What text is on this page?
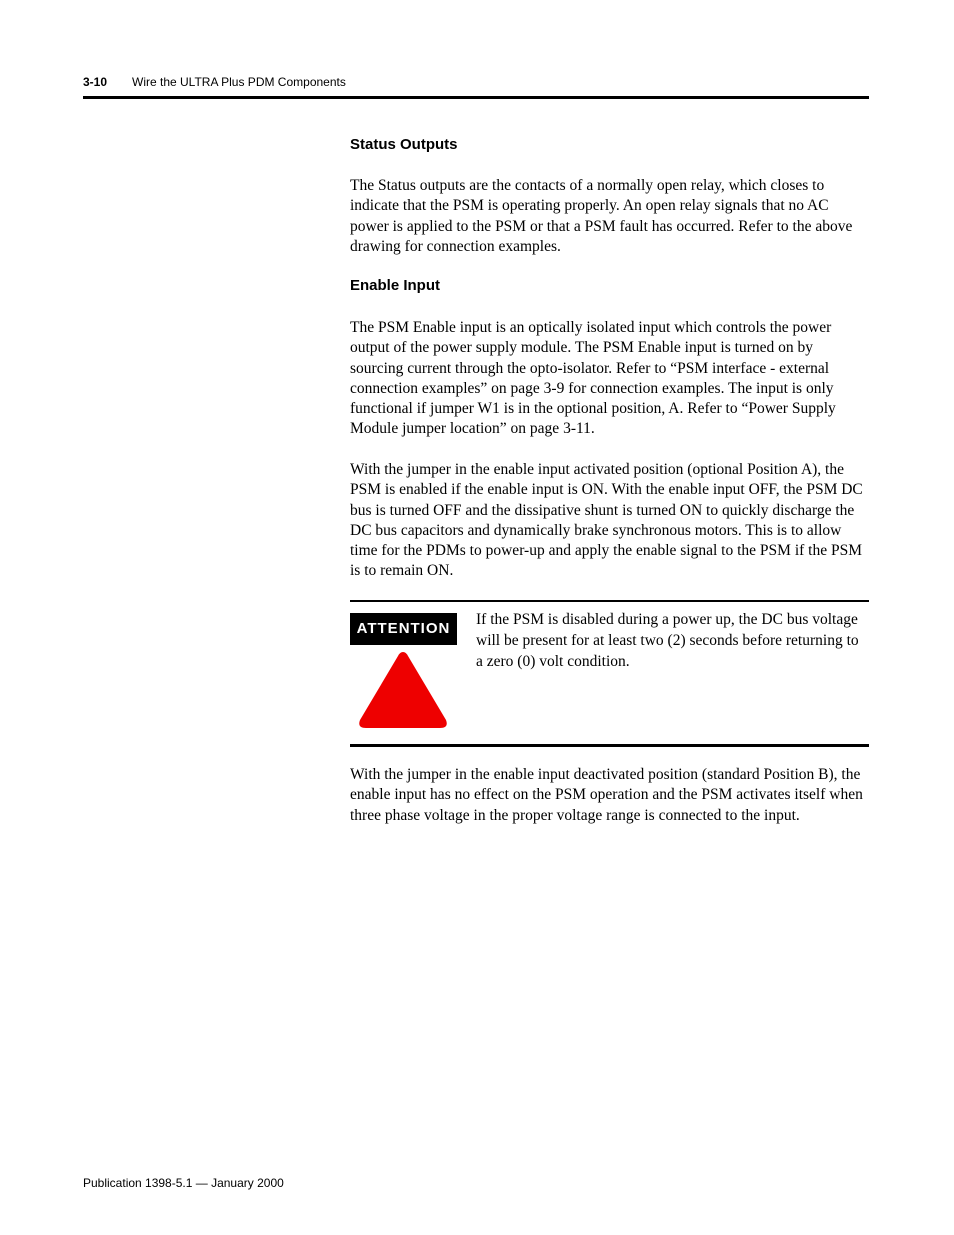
3-10 Wire the ULTRA Plus PDM Components
Status Outputs

The Status outputs are the contacts of a normally open relay, which closes to indicate that the PSM is operating properly. An open relay signals that no AC power is applied to the PSM or that a PSM fault has occurred. Refer to the above drawing for connection examples.

Enable Input

The PSM Enable input is an optically isolated input which controls the power output of the power supply module. The PSM Enable input is turned on by sourcing current through the opto-isolator. Refer to “PSM interface - external connection examples” on page 3-9 for connection examples. The input is only functional if jumper W1 is in the optional position, A. Refer to “Power Supply Module jumper location” on page 3-11.

With the jumper in the enable input activated position (optional Position A), the PSM is enabled if the enable input is ON. With the enable input OFF, the PSM DC bus is turned OFF and the dissipative shunt is turned ON to quickly discharge the DC bus capacitors and dynamically brake synchronous motors. This is to allow time for the PDMs to power-up and apply the enable signal to the PSM if the PSM is to remain ON.

ATTENTION

If the PSM is disabled during a power up, the DC bus voltage will be present for at least two (2) seconds before returning to a zero (0) volt condition.

With the jumper in the enable input deactivated position (standard Position B), the enable input has no effect on the PSM operation and the PSM activates itself when three phase voltage in the proper voltage range is connected to the input.

Publication 1398-5.1 — January 2000
